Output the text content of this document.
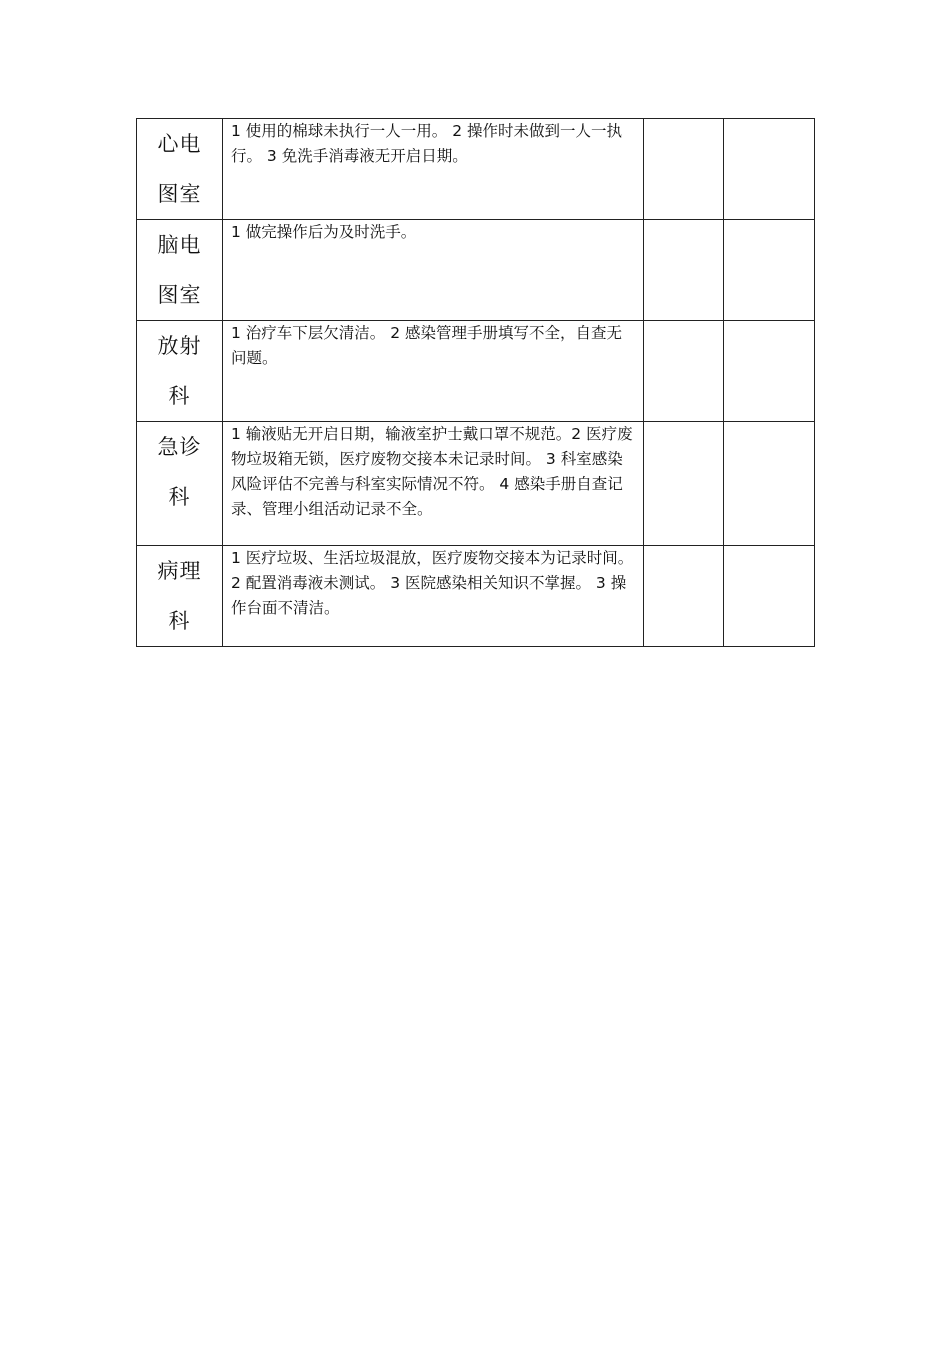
心电图室	1 使用的棉球未执行一人一用。 2 操作时未做到一人一执行。 3 免洗手消毒液无开启日期。		

脑电图室	1 做完操作后为及时洗手。		

放射科	1 治疗车下层欠清洁。 2 感染管理手册填写不全，自查无问题。		

急诊科	1 输液贴无开启日期，输液室护士戴口罩不规范。2 医疗废物垃圾箱无锁，医疗废物交接本未记录时间。 3 科室感染风险评估不完善与科室实际情况不符。 4 感染手册自查记录、管理小组活动记录不全。		

病理科	1 医疗垃圾、生活垃圾混放，医疗废物交接本为记录时间。 2 配置消毒液未测试。 3 医院感染相关知识不掌握。 3 操作台面不清洁。		
